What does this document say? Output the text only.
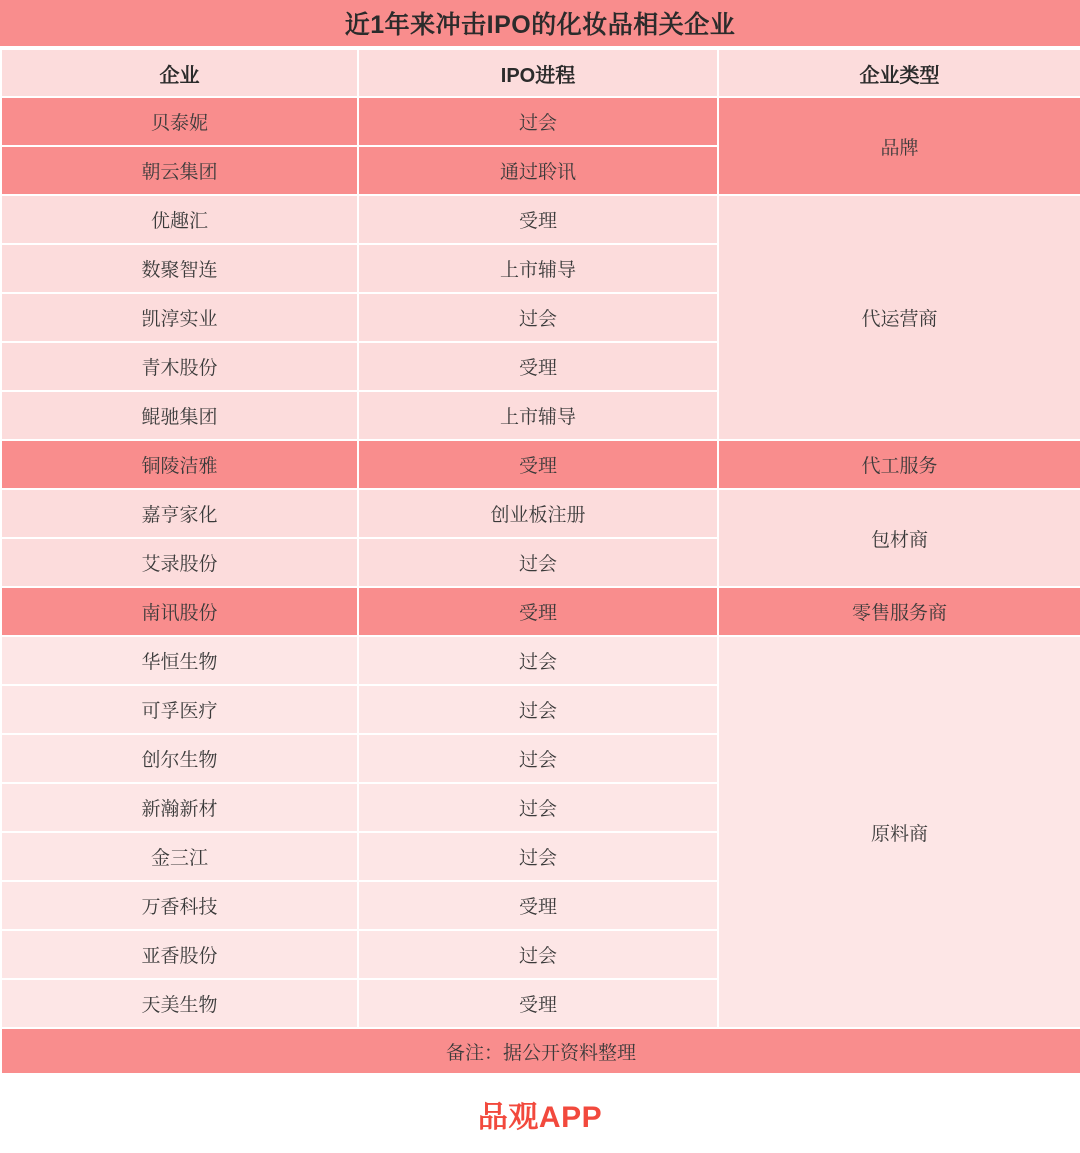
近1年来冲击IPO的化妆品相关企业
企业	IPO进程	企业类型
贝泰妮	过会	品牌
朝云集团	通过聆讯	
优趣汇	受理	代运营商
数聚智连	上市辅导	
凯淳实业	过会	
青木股份	受理	
鲲驰集团	上市辅导	
铜陵洁雅	受理	代工服务
嘉亨家化	创业板注册	包材商
艾录股份	过会	
南讯股份	受理	零售服务商
华恒生物	过会	原料商
可孚医疗	过会	
创尔生物	过会	
新瀚新材	过会	
金三江	过会	
万香科技	受理	
亚香股份	过会	
天美生物	受理	
备注：据公开资料整理		
品观APP
